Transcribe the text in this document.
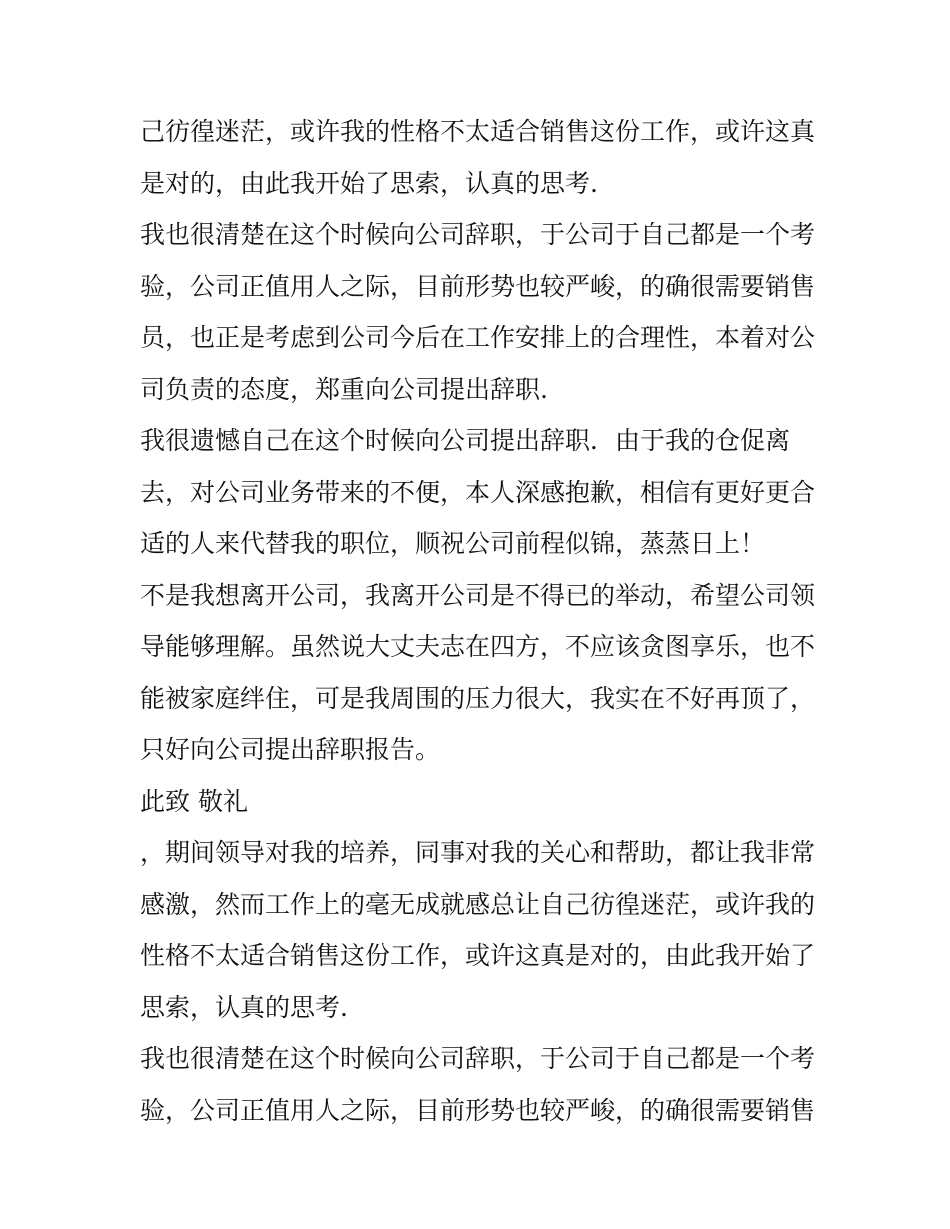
己彷徨迷茫，或许我的性格不太适合销售这份工作，或许这真
是对的，由此我开始了思索，认真的思考.
我也很清楚在这个时候向公司辞职，于公司于自己都是一个考
验，公司正值用人之际，目前形势也较严峻，的确很需要销售
员，也正是考虑到公司今后在工作安排上的合理性，本着对公
司负责的态度，郑重向公司提出辞职.
我很遗憾自己在这个时候向公司提出辞职．由于我的仓促离
去，对公司业务带来的不便，本人深感抱歉，相信有更好更合
适的人来代替我的职位，顺祝公司前程似锦，蒸蒸日上！
不是我想离开公司，我离开公司是不得已的举动，希望公司领
导能够理解。虽然说大丈夫志在四方，不应该贪图享乐，也不
能被家庭绊住，可是我周围的压力很大，我实在不好再顶了，
只好向公司提出辞职报告。
此致 敬礼
，期间领导对我的培养，同事对我的关心和帮助，都让我非常
感激，然而工作上的毫无成就感总让自己彷徨迷茫，或许我的
性格不太适合销售这份工作，或许这真是对的，由此我开始了
思索，认真的思考.
我也很清楚在这个时候向公司辞职，于公司于自己都是一个考
验，公司正值用人之际，目前形势也较严峻，的确很需要销售
